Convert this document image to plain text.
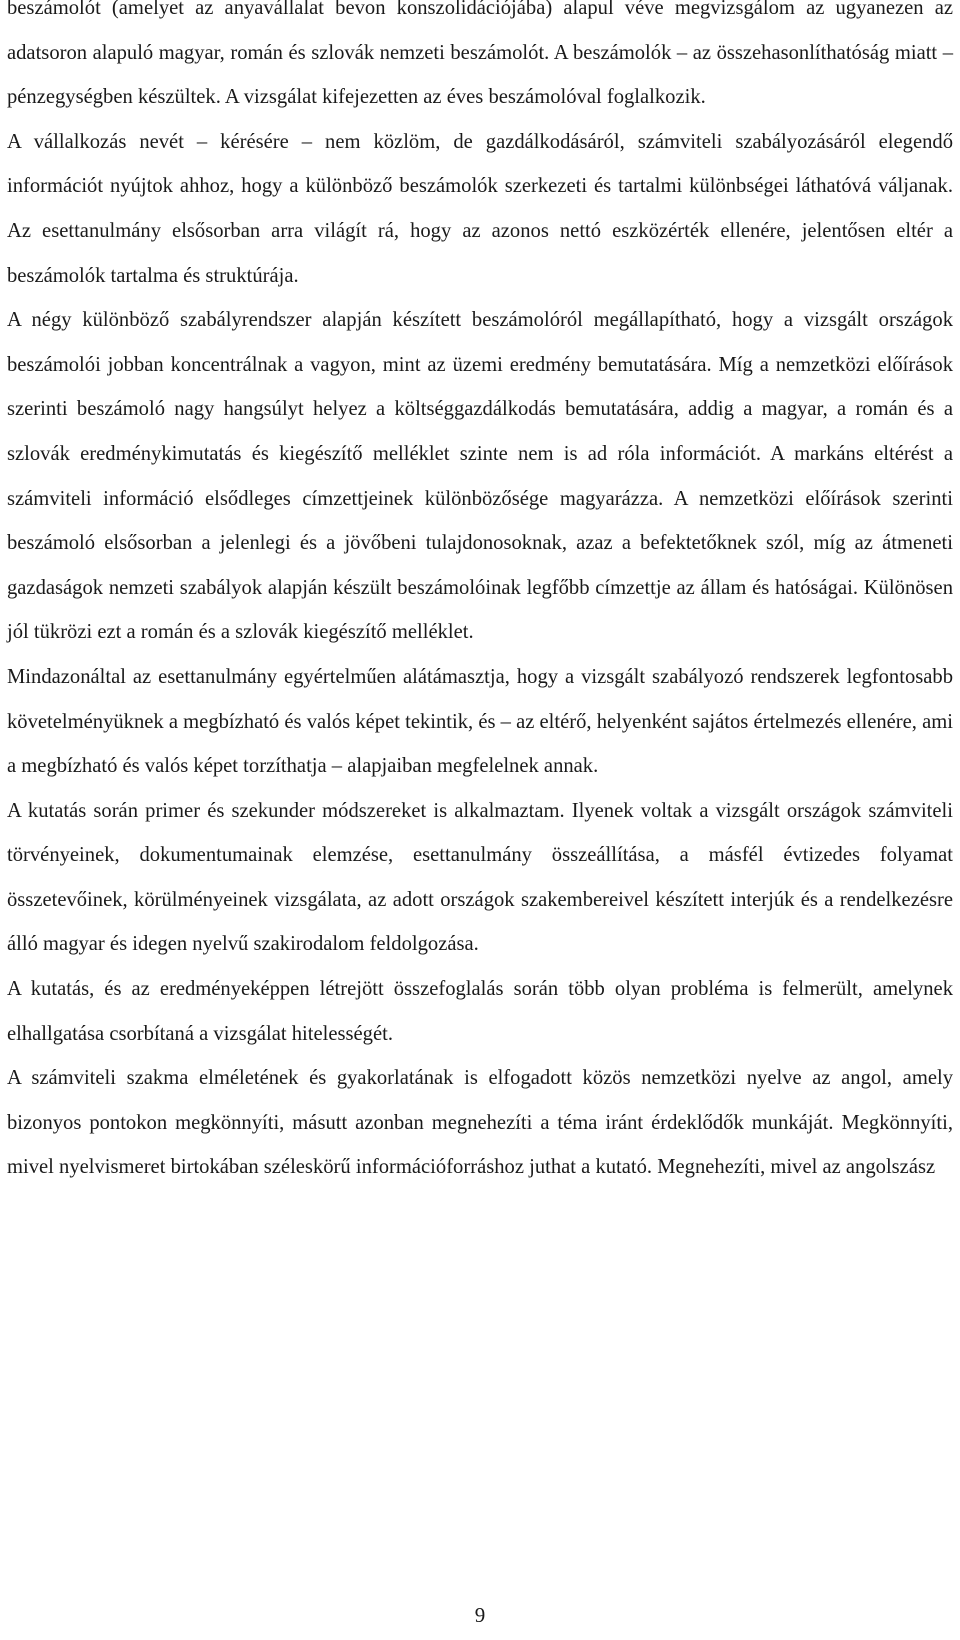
beszámolót (amelyet az anyavállalat bevon konszolidációjába) alapul véve megvizsgálom az ugyanezen az adatsoron alapuló magyar, román és szlovák nemzeti beszámolót. A beszámolók – az összehasonlíthatóság miatt – pénzegységben készültek. A vizsgálat kifejezetten az éves beszámolóval foglalkozik.

A vállalkozás nevét – kérésére – nem közlöm, de gazdálkodásáról, számviteli szabályozásáról elegendő információt nyújtok ahhoz, hogy a különböző beszámolók szerkezeti és tartalmi különbségei láthatóvá váljanak. Az esettanulmány elsősorban arra világít rá, hogy az azonos nettó eszközérték ellenére, jelentősen eltér a beszámolók tartalma és struktúrája.

A négy különböző szabályrendszer alapján készített beszámolóról megállapítható, hogy a vizsgált országok beszámolói jobban koncentrálnak a vagyon, mint az üzemi eredmény bemutatására. Míg a nemzetközi előírások szerinti beszámoló nagy hangsúlyt helyez a költséggazdálkodás bemutatására, addig a magyar, a román és a szlovák eredménykimutatás és kiegészítő melléklet szinte nem is ad róla információt. A markáns eltérést a számviteli információ elsődleges címzettjeinek különbözősége magyarázza. A nemzetközi előírások szerinti beszámoló elsősorban a jelenlegi és a jövőbeni tulajdonosoknak, azaz a befektetőknek szól, míg az átmeneti gazdaságok nemzeti szabályok alapján készült beszámolóinak legfőbb címzettje az állam és hatóságai. Különösen jól tükrözi ezt a román és a szlovák kiegészítő melléklet.

Mindazonáltal az esettanulmány egyértelműen alátámasztja, hogy a vizsgált szabályozó rendszerek legfontosabb követelményüknek a megbízható és valós képet tekintik, és – az eltérő, helyenként sajátos értelmezés ellenére, ami a megbízható és valós képet torzíthatja – alapjaiban megfelelnek annak.

A kutatás során primer és szekunder módszereket is alkalmaztam. Ilyenek voltak a vizsgált országok számviteli törvényeinek, dokumentumainak elemzése, esettanulmány összeállítása, a másfél évtizedes folyamat összetevőinek, körülményeinek vizsgálata, az adott országok szakembereivel készített interjúk és a rendelkezésre álló magyar és idegen nyelvű szakirodalom feldolgozása.

A kutatás, és az eredményeképpen létrejött összefoglalás során több olyan probléma is felmerült, amelynek elhallgatása csorbítaná a vizsgálat hitelességét.

A számviteli szakma elméletének és gyakorlatának is elfogadott közös nemzetközi nyelve az angol, amely bizonyos pontokon megkönnyíti, másutt azonban megnehezíti a téma iránt érdeklődők munkáját. Megkönnyíti, mivel nyelvismeret birtokában széleskörű információforráshoz juthat a kutató. Megnehezíti, mivel az angolszász

9
